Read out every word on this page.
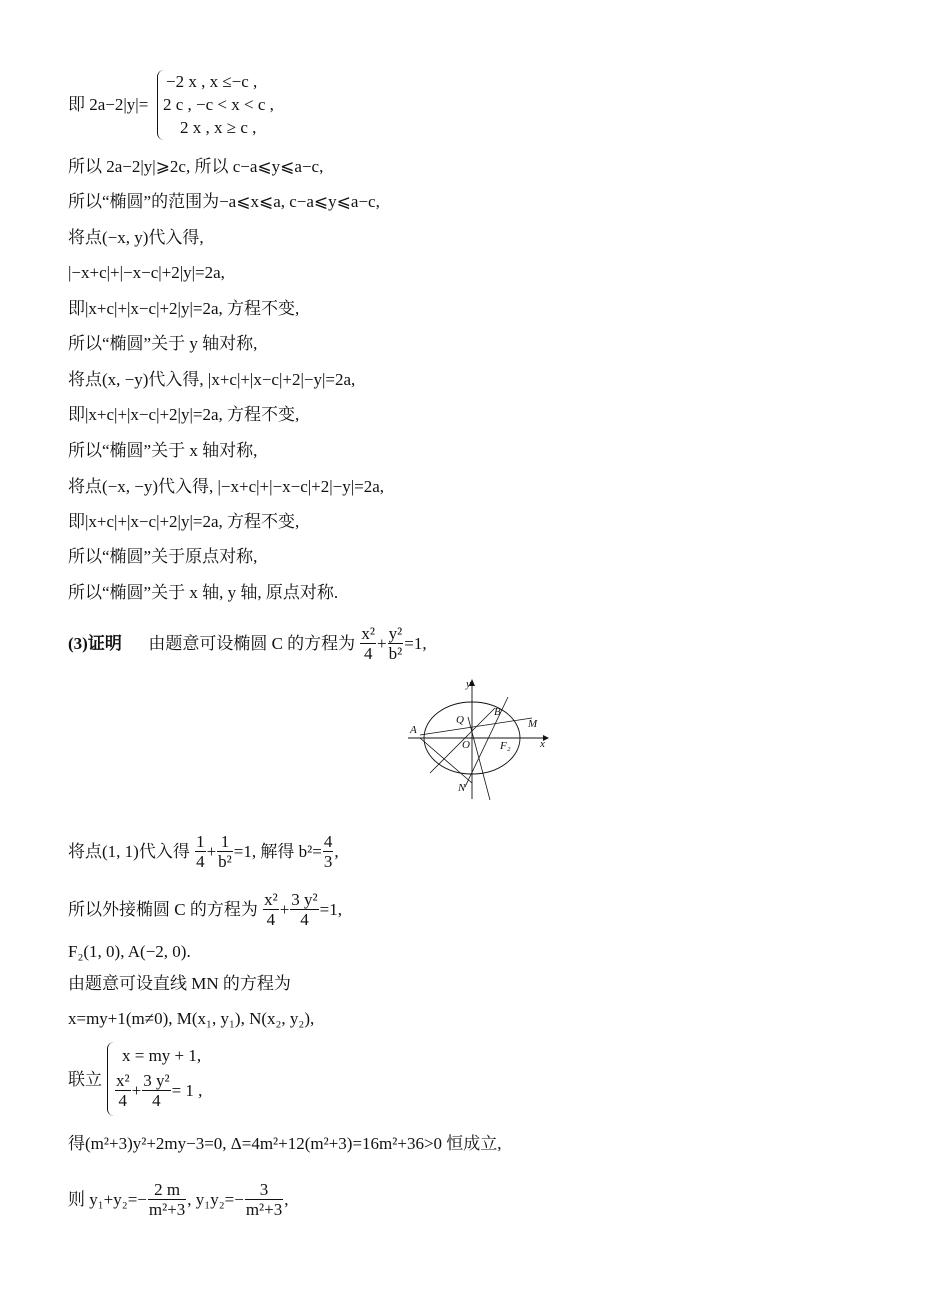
即 2a−2|y|=
−2 x , x ≤−c ,
2 c , −c < x < c ,
2 x , x ≥ c ,
所以 2a−2|y|⩾2c, 所以 c−a⩽y⩽a−c,
所以“椭圆”的范围为−a⩽x⩽a, c−a⩽y⩽a−c,
将点(−x, y)代入得,
|−x+c|+|−x−c|+2|y|=2a,
即|x+c|+|x−c|+2|y|=2a, 方程不变,
所以“椭圆”关于 y 轴对称,
将点(x, −y)代入得, |x+c|+|x−c|+2|−y|=2a,
即|x+c|+|x−c|+2|y|=2a, 方程不变,
所以“椭圆”关于 x 轴对称,
将点(−x, −y)代入得, |−x+c|+|−x−c|+2|−y|=2a,
即|x+c|+|x−c|+2|y|=2a, 方程不变,
所以“椭圆”关于原点对称,
所以“椭圆”关于 x 轴, y 轴, 原点对称.
(3)证明 由题意可设椭圆 C 的方程为 $\frac{\text{x²}}{4} + \frac{\text{y²}}{\text{b²}} =1$,
y
x
A
Q
B
M
O	F₂
N
将点(1, 1)代入得 $\frac{1}{4} + \frac{1}{\text{b²}} =1$, 解得 $b^2= \frac{4}{3}$ ,
所以外接椭圆 C 的方程为 $\frac{\text{x²}}{4} + \frac{\text{3 y²}}{4} =1$,
F₂(1, 0), A(−2, 0).
由题意可设直线 MN 的方程为
x=my+1(m≠0), M(x₁, y₁), N(x₂, y₂),
联立
x = my + 1,
$\frac{\text{x²}}{4} + \frac{\text{3 y²}}{4} = 1$ ,
得(m²+3)y²+2my−3=0, Δ=4m²+12(m²+3)=16m²+36>0 恒成立,
则 $y_1+y_2=- \frac{2 m}{\text{m²+3}}$ , $y_1y_2=- \frac{3}{\text{m²+3}}$ ,
